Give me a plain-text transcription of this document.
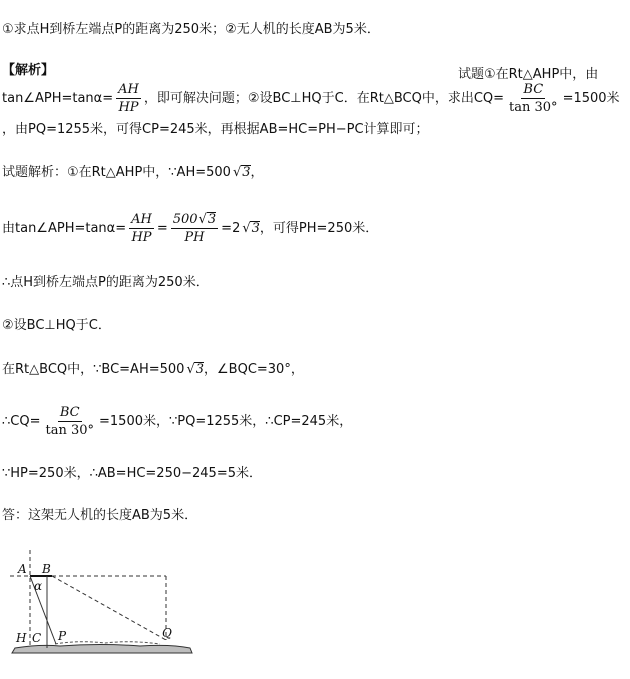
①求点H到桥左端点P的距离为250米；②无人机的长度AB为5米．
【解析】	试题①在Rt△AHP中，由
tan∠APH=tanα= $\frac{AH}{HP}$ ，即可解决问题；②设BC⊥HQ于C．在Rt△BCQ中，求出$CQ= \frac{BC}{\tan 30^\circ} =1500$米
，由PQ=1255米，可得CP=245米，再根据AB=HC=PH−PC计算即可；
试题解析：①在Rt△AHP中，∵AH=500√ 3，
由tan∠APH=tanα= $\frac{AH}{HP} = \frac{500√ 3}{PH} =2√$ 3，可得PH=250米．
∴点H到桥左端点P的距离为250米．
②设BC⊥HQ于C．
在Rt△BCQ中，∵BC=AH=500√ 3，∠BQC=30°，
∴CQ= $\frac{BC}{\tan 30^\circ} =1500$米，∵PQ=1255米，∴CP=245米，
∵HP=250米，∴AB=HC=250−245=5米．
答：这架无人机的长度AB为5米．
A B
α
H C P	Q
